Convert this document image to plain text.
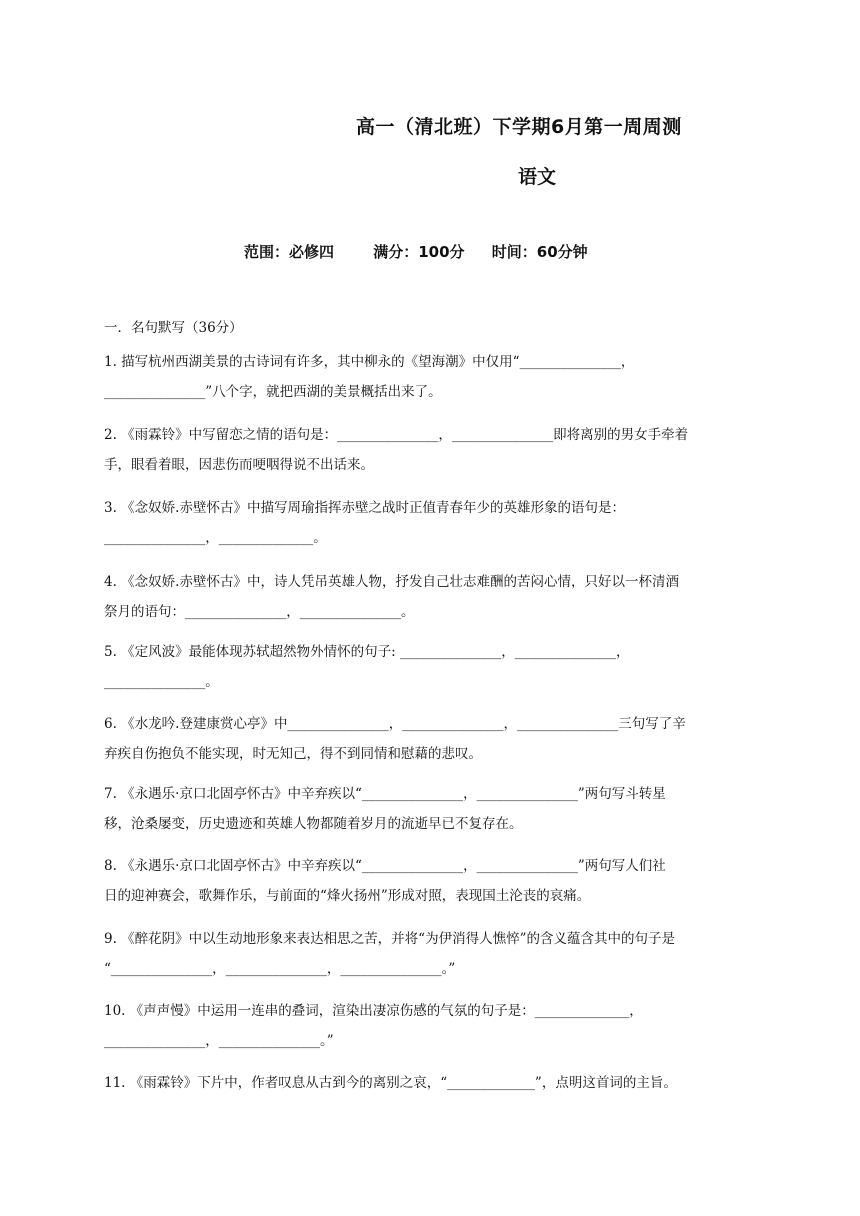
高一（清北班）下学期6月第一周周测
语文
范围：必修四	满分：100分 时间：60分钟
一．名句默写（36分）
1. 描写杭州西湖美景的古诗词有许多，其中柳永的《望海潮》中仅用“_______________，
_______________”八个字，就把西湖的美景概括出来了。
2. 《雨霖铃》中写留恋之情的语句是：_______________，_______________即将离别的男女手牵着
手，眼看着眼，因悲伤而哽咽得说不出话来。
3. 《念奴娇.赤壁怀古》中描写周瑜指挥赤壁之战时正值青春年少的英雄形象的语句是：
_______________，______________。
4. 《念奴娇.赤壁怀古》中，诗人凭吊英雄人物，抒发自己壮志难酬的苦闷心情，只好以一杯清酒
祭月的语句：_______________，_______________。
5. 《定风波》最能体现苏轼超然物外情怀的句子: _______________，_______________，
_______________。
6. 《水龙吟.登建康赏心亭》中_______________，_______________，_______________三句写了辛
弃疾自伤抱负不能实现，时无知己，得不到同情和慰藉的悲叹。
7. 《永遇乐·京口北固亭怀古》中辛弃疾以“_______________，_______________”两句写斗转星
移，沧桑屡变，历史遗迹和英雄人物都随着岁月的流逝早已不复存在。
8. 《永遇乐·京口北固亭怀古》中辛弃疾以“_______________，_______________”两句写人们社
日的迎神赛会，歌舞作乐，与前面的“烽火扬州”形成对照，表现国土沦丧的哀痛。
9. 《醉花阴》中以生动地形象来表达相思之苦，并将“为伊消得人憔悴”的含义蕴含其中的句子是
“_______________，_______________，_______________。”
10. 《声声慢》中运用一连串的叠词，渲染出凄凉伤感的气氛的句子是：______________，
_______________，_______________。”
11. 《雨霖铃》下片中，作者叹息从古到今的离别之哀，“_____________”，点明这首词的主旨。
